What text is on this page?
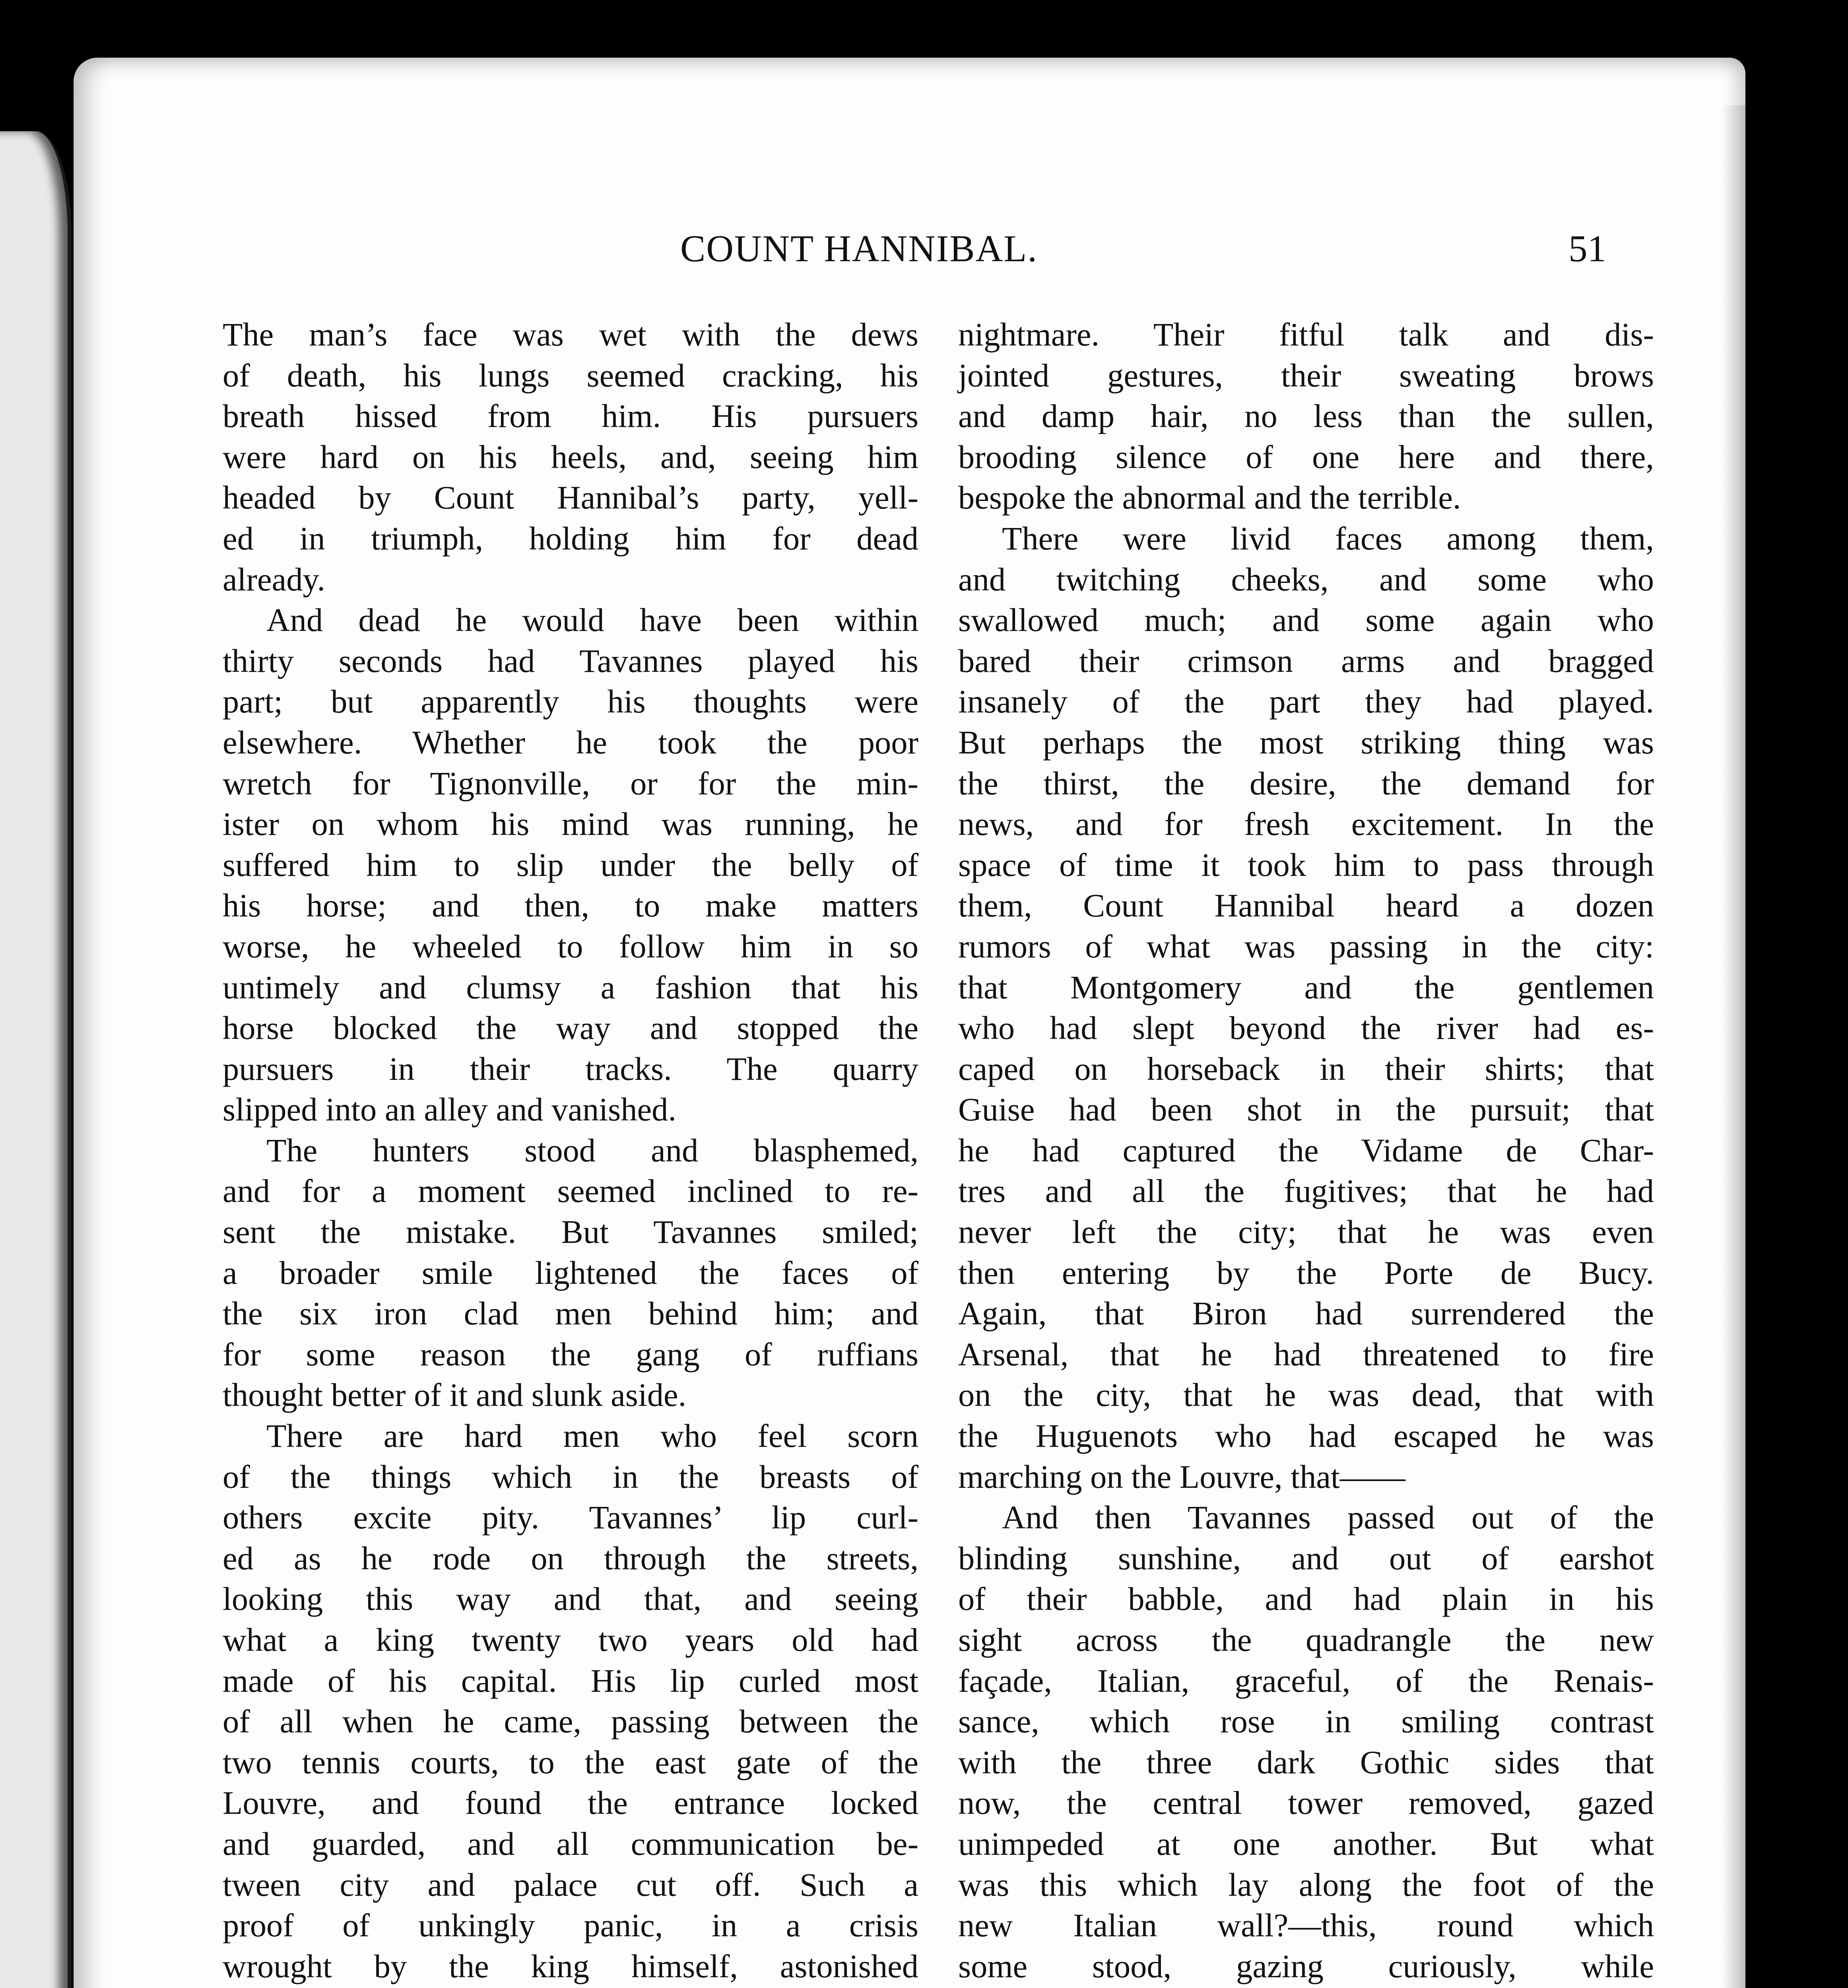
COUNT HANNIBAL.	51
The man’s face was wet with the dews
of death, his lungs seemed cracking, his
breath hissed from him. His pursuers
were hard on his heels, and, seeing him
headed by Count Hannibal’s party, yell-
ed in triumph, holding him for dead
already.
And dead he would have been within
thirty seconds had Tavannes played his
part; but apparently his thoughts were
elsewhere. Whether he took the poor
wretch for Tignonville, or for the min-
ister on whom his mind was running, he
suffered him to slip under the belly of
his horse; and then, to make matters
worse, he wheeled to follow him in so
untimely and clumsy a fashion that his
horse blocked the way and stopped the
pursuers in their tracks. The quarry
slipped into an alley and vanished.
The hunters stood and blasphemed,
and for a moment seemed inclined to re-
sent the mistake. But Tavannes smiled;
a broader smile lightened the faces of
the six iron clad men behind him; and
for some reason the gang of ruffians
thought better of it and slunk aside.
There are hard men who feel scorn
of the things which in the breasts of
others excite pity. Tavannes’ lip curl-
ed as he rode on through the streets,
looking this way and that, and seeing
what a king twenty two years old had
made of his capital. His lip curled most
of all when he came, passing between the
two tennis courts, to the east gate of the
Louvre, and found the entrance locked
and guarded, and all communication be-
tween city and palace cut off. Such a
proof of unkingly panic, in a crisis
wrought by the king himself, astonished
nightmare. Their fitful talk and dis-
jointed gestures, their sweating brows
and damp hair, no less than the sullen,
brooding silence of one here and there,
bespoke the abnormal and the terrible.
There were livid faces among them,
and twitching cheeks, and some who
swallowed much; and some again who
bared their crimson arms and bragged
insanely of the part they had played.
But perhaps the most striking thing was
the thirst, the desire, the demand for
news, and for fresh excitement. In the
space of time it took him to pass through
them, Count Hannibal heard a dozen
rumors of what was passing in the city:
that Montgomery and the gentlemen
who had slept beyond the river had es-
caped on horseback in their shirts; that
Guise had been shot in the pursuit; that
he had captured the Vidame de Char-
tres and all the fugitives; that he had
never left the city; that he was even
then entering by the Porte de Bucy.
Again, that Biron had surrendered the
Arsenal, that he had threatened to fire
on the city, that he was dead, that with
the Huguenots who had escaped he was
marching on the Louvre, that——
And then Tavannes passed out of the
blinding sunshine, and out of earshot
of their babble, and had plain in his
sight across the quadrangle the new
façade, Italian, graceful, of the Renais-
sance, which rose in smiling contrast
with the three dark Gothic sides that
now, the central tower removed, gazed
unimpeded at one another. But what
was this which lay along the foot of the
new Italian wall?—this, round which
some stood, gazing curiously, while
